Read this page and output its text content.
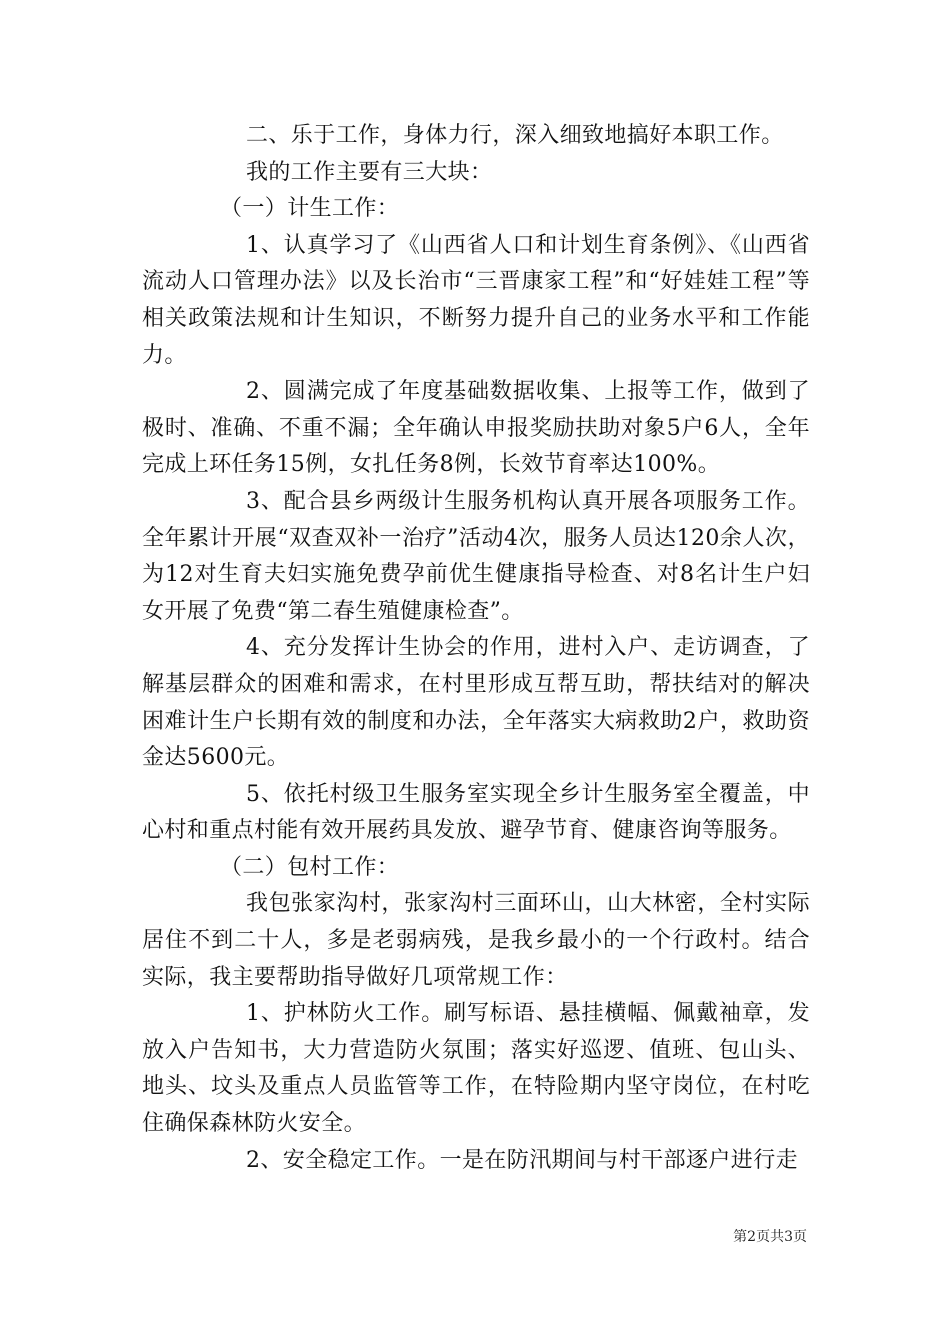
二、乐于工作，身体力行，深入细致地搞好本职工作。

我的工作主要有三大块：

（一）计生工作：

1、认真学习了《山西省人口和计划生育条例》、《山西省流动人口管理办法》以及长治市“三晋康家工程”和“好娃娃工程”等相关政策法规和计生知识，不断努力提升自己的业务水平和工作能力。

2、圆满完成了年度基础数据收集、上报等工作，做到了极时、准确、不重不漏；全年确认申报奖励扶助对象5户6人，全年完成上环任务15例，女扎任务8例，长效节育率达100%。

3、配合县乡两级计生服务机构认真开展各项服务工作。全年累计开展“双查双补一治疗”活动4次，服务人员达120余人次，为12对生育夫妇实施免费孕前优生健康指导检查、对8名计生户妇女开展了免费“第二春生殖健康检查”。

4、充分发挥计生协会的作用，进村入户、走访调查，了解基层群众的困难和需求，在村里形成互帮互助，帮扶结对的解决困难计生户长期有效的制度和办法，全年落实大病救助2户，救助资金达5600元。

5、依托村级卫生服务室实现全乡计生服务室全覆盖，中心村和重点村能有效开展药具发放、避孕节育、健康咨询等服务。

（二）包村工作：

我包张家沟村，张家沟村三面环山，山大林密，全村实际居住不到二十人，多是老弱病残，是我乡最小的一个行政村。结合实际，我主要帮助指导做好几项常规工作：

1、护林防火工作。刷写标语、悬挂横幅、佩戴袖章，发放入户告知书，大力营造防火氛围；落实好巡逻、值班、包山头、地头、坟头及重点人员监管等工作，在特险期内坚守岗位，在村吃住确保森林防火安全。

2、安全稳定工作。一是在防汛期间与村干部逐户进行走

第2页共3页
